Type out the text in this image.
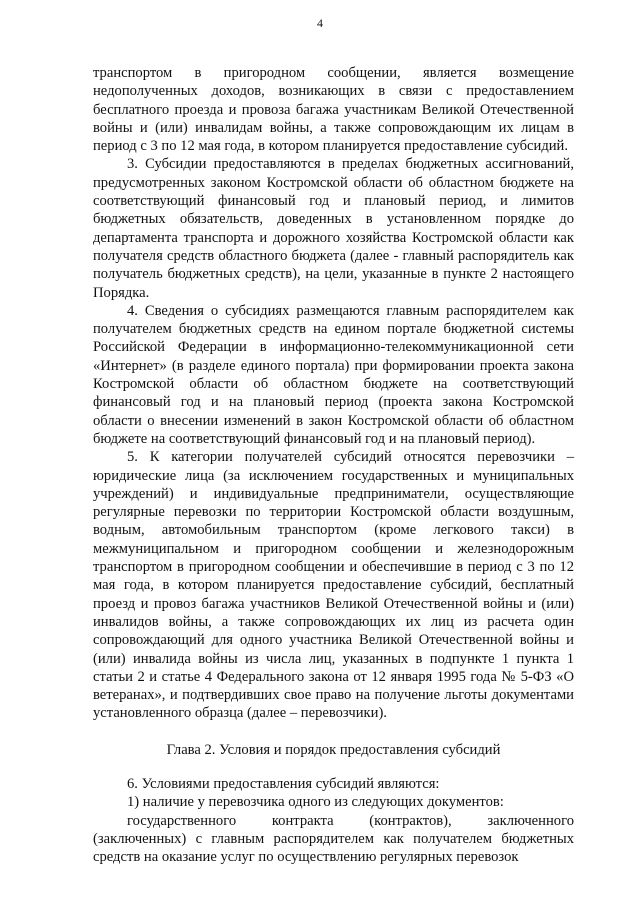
4

транспортом в пригородном сообщении, является возмещение недополученных доходов, возникающих в связи с предоставлением бесплатного проезда и провоза багажа участникам Великой Отечественной войны и (или) инвалидам войны, а также сопровождающим их лицам в период с 3 по 12 мая года, в котором планируется предоставление субсидий.

3. Субсидии предоставляются в пределах бюджетных ассигнований, предусмотренных законом Костромской области об областном бюджете на соответствующий финансовый год и плановый период, и лимитов бюджетных обязательств, доведенных в установленном порядке до департамента транспорта и дорожного хозяйства Костромской области как получателя средств областного бюджета (далее - главный распорядитель как получатель бюджетных средств), на цели, указанные в пункте 2 настоящего Порядка.

4. Сведения о субсидиях размещаются главным распорядителем как получателем бюджетных средств на едином портале бюджетной системы Российской Федерации в информационно-телекоммуникационной сети «Интернет» (в разделе единого портала) при формировании проекта закона Костромской области об областном бюджете на соответствующий финансовый год и на плановый период (проекта закона Костромской области о внесении изменений в закон Костромской области об областном бюджете на соответствующий финансовый год и на плановый период).

5. К категории получателей субсидий относятся перевозчики – юридические лица (за исключением государственных и муниципальных учреждений) и индивидуальные предприниматели, осуществляющие регулярные перевозки по территории Костромской области воздушным, водным, автомобильным транспортом (кроме легкового такси) в межмуниципальном и пригородном сообщении и железнодорожным транспортом в пригородном сообщении и обеспечившие в период с 3 по 12 мая года, в котором планируется предоставление субсидий, бесплатный проезд и провоз багажа участников Великой Отечественной войны и (или) инвалидов войны, а также сопровождающих их лиц из расчета один сопровождающий для одного участника Великой Отечественной войны и (или) инвалида войны из числа лиц, указанных в подпункте 1 пункта 1 статьи 2 и статье 4 Федерального закона от 12 января 1995 года № 5-ФЗ «О ветеранах», и подтвердивших свое право на получение льготы документами установленного образца (далее – перевозчики).

Глава 2. Условия и порядок предоставления субсидий

6. Условиями предоставления субсидий являются:

1) наличие у перевозчика одного из следующих документов:

государственного контракта (контрактов), заключенного (заключенных) с главным распорядителем как получателем бюджетных средств на оказание услуг по осуществлению регулярных перевозок
